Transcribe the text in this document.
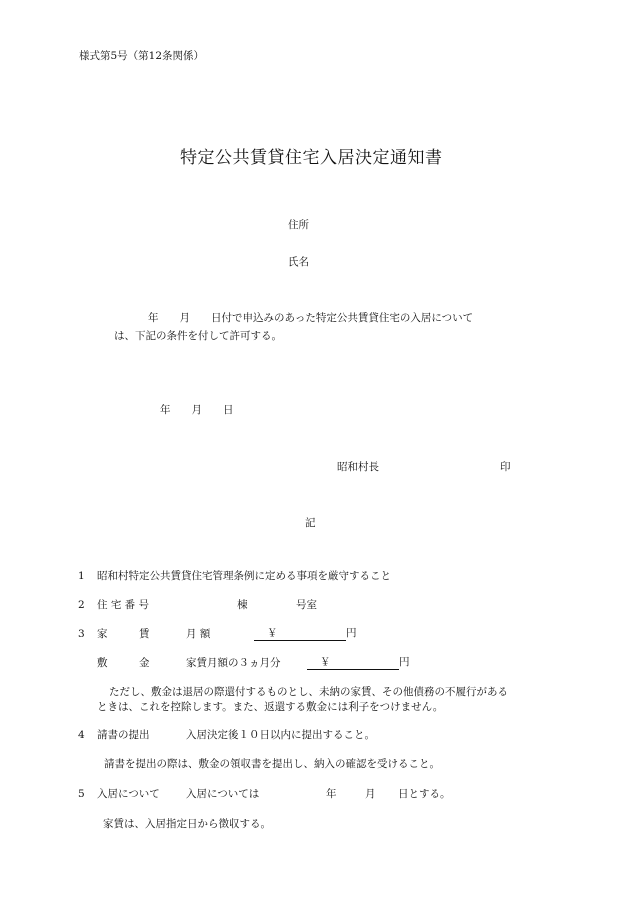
様式第5号（第12条関係）
特定公共賃貸住宅入居決定通知書
住所
氏名
年　　月　　日付で申込みのあった特定公共賃貸住宅の入居について
は、下記の条件を付して許可する。
年　　月　　日
昭和村長	印
記
1 昭和村特定公共賃貸住宅管理条例に定める事項を厳守すること
2 住 宅 番 号	棟	号室
3 家　　　賃	月 額	￥	円
敷　　　金	家賃月額の３ヵ月分	￥	円
ただし、敷金は退居の際還付するものとし、未納の家賃、その他債務の不履行がある
ときは、これを控除します。また、返還する敷金には利子をつけません。
4 請書の提出	入居決定後１０日以内に提出すること。
請書を提出の際は、敷金の領収書を提出し、納入の確認を受けること。
5 入居について 入居については	年	月 日とする。
家賃は、入居指定日から徴収する。
